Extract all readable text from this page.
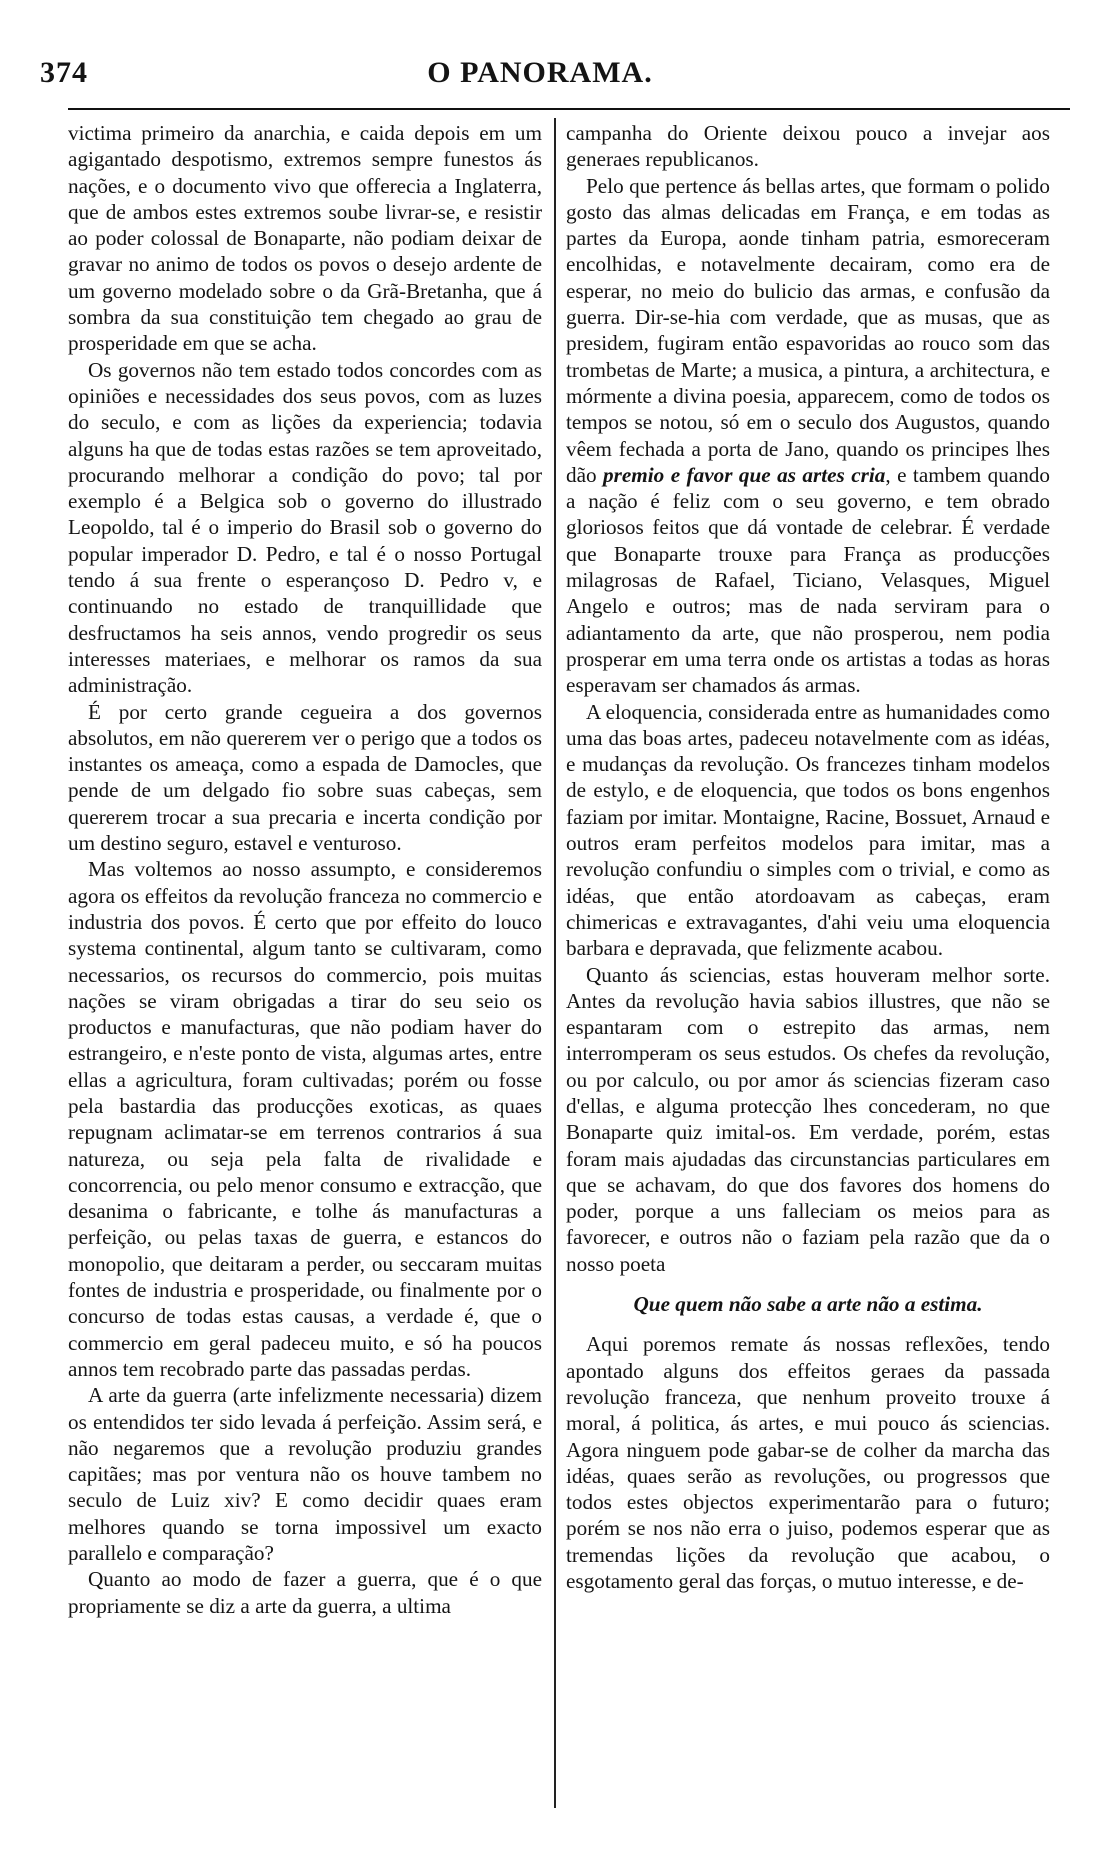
374	O PANORAMA.

victima primeiro da anarchia, e caida depois em um agigantado despotismo, extremos sempre funestos ás nações, e o documento vivo que offerecia a Inglaterra, que de ambos estes extremos soube livrar-se, e resistir ao poder colossal de Bonaparte, não podiam deixar de gravar no animo de todos os povos o desejo ardente de um governo modelado sobre o da Grã-Bretanha, que á sombra da sua constituição tem chegado ao grau de prosperidade em que se acha.

Os governos não tem estado todos concordes com as opiniões e necessidades dos seus povos, com as luzes do seculo, e com as lições da experiencia; todavia alguns ha que de todas estas razões se tem aproveitado, procurando melhorar a condição do povo; tal por exemplo é a Belgica sob o governo do illustrado Leopoldo, tal é o imperio do Brasil sob o governo do popular imperador D. Pedro, e tal é o nosso Portugal tendo á sua frente o esperançoso D. Pedro v, e continuando no estado de tranquillidade que desfructamos ha seis annos, vendo progredir os seus interesses materiaes, e melhorar os ramos da sua administração.

É por certo grande cegueira a dos governos absolutos, em não quererem ver o perigo que a todos os instantes os ameaça, como a espada de Damocles, que pende de um delgado fio sobre suas cabeças, sem quererem trocar a sua precaria e incerta condição por um destino seguro, estavel e venturoso.

Mas voltemos ao nosso assumpto, e consideremos agora os effeitos da revolução franceza no commercio e industria dos povos. É certo que por effeito do louco systema continental, algum tanto se cultivaram, como necessarios, os recursos do commercio, pois muitas nações se viram obrigadas a tirar do seu seio os productos e manufacturas, que não podiam haver do estrangeiro, e n'este ponto de vista, algumas artes, entre ellas a agricultura, foram cultivadas; porém ou fosse pela bastardia das producções exoticas, as quaes repugnam aclimatar-se em terrenos contrarios á sua natureza, ou seja pela falta de rivalidade e concorrencia, ou pelo menor consumo e extracção, que desanima o fabricante, e tolhe ás manufacturas a perfeição, ou pelas taxas de guerra, e estancos do monopolio, que deitaram a perder, ou seccaram muitas fontes de industria e prosperidade, ou finalmente por o concurso de todas estas causas, a verdade é, que o commercio em geral padeceu muito, e só ha poucos annos tem recobrado parte das passadas perdas.

A arte da guerra (arte infelizmente necessaria) dizem os entendidos ter sido levada á perfeição. Assim será, e não negaremos que a revolução produziu grandes capitães; mas por ventura não os houve tambem no seculo de Luiz xiv? E como decidir quaes eram melhores quando se torna impossivel um exacto parallelo e comparação?

Quanto ao modo de fazer a guerra, que é o que propriamente se diz a arte da guerra, a ultima

campanha do Oriente deixou pouco a invejar aos generaes republicanos.

Pelo que pertence ás bellas artes, que formam o polido gosto das almas delicadas em França, e em todas as partes da Europa, aonde tinham patria, esmoreceram encolhidas, e notavelmente decairam, como era de esperar, no meio do bulicio das armas, e confusão da guerra. Dir-se-hia com verdade, que as musas, que as presidem, fugiram então espavoridas ao rouco som das trombetas de Marte; a musica, a pintura, a architectura, e mórmente a divina poesia, apparecem, como de todos os tempos se notou, só em o seculo dos Augustos, quando vêem fechada a porta de Jano, quando os principes lhes dão premio e favor que as artes cria, e tambem quando a nação é feliz com o seu governo, e tem obrado gloriosos feitos que dá vontade de celebrar. É verdade que Bonaparte trouxe para França as producções milagrosas de Rafael, Ticiano, Velasques, Miguel Angelo e outros; mas de nada serviram para o adiantamento da arte, que não prosperou, nem podia prosperar em uma terra onde os artistas a todas as horas esperavam ser chamados ás armas.

A eloquencia, considerada entre as humanidades como uma das boas artes, padeceu notavelmente com as idéas, e mudanças da revolução. Os francezes tinham modelos de estylo, e de eloquencia, que todos os bons engenhos faziam por imitar. Montaigne, Racine, Bossuet, Arnaud e outros eram perfeitos modelos para imitar, mas a revolução confundiu o simples com o trivial, e como as idéas, que então atordoavam as cabeças, eram chimericas e extravagantes, d'ahi veiu uma eloquencia barbara e depravada, que felizmente acabou.

Quanto ás sciencias, estas houveram melhor sorte. Antes da revolução havia sabios illustres, que não se espantaram com o estrepito das armas, nem interromperam os seus estudos. Os chefes da revolução, ou por calculo, ou por amor ás sciencias fizeram caso d'ellas, e alguma protecção lhes concederam, no que Bonaparte quiz imital-os. Em verdade, porém, estas foram mais ajudadas das circunstancias particulares em que se achavam, do que dos favores dos homens do poder, porque a uns falleciam os meios para as favorecer, e outros não o faziam pela razão que da o nosso poeta

Que quem não sabe a arte não a estima.

Aqui poremos remate ás nossas reflexões, tendo apontado alguns dos effeitos geraes da passada revolução franceza, que nenhum proveito trouxe á moral, á politica, ás artes, e mui pouco ás sciencias. Agora ninguem pode gabar-se de colher da marcha das idéas, quaes serão as revoluções, ou progressos que todos estes objectos experimentarão para o futuro; porém se nos não erra o juiso, podemos esperar que as tremendas lições da revolução que acabou, o esgotamento geral das forças, o mutuo interesse, e de-
